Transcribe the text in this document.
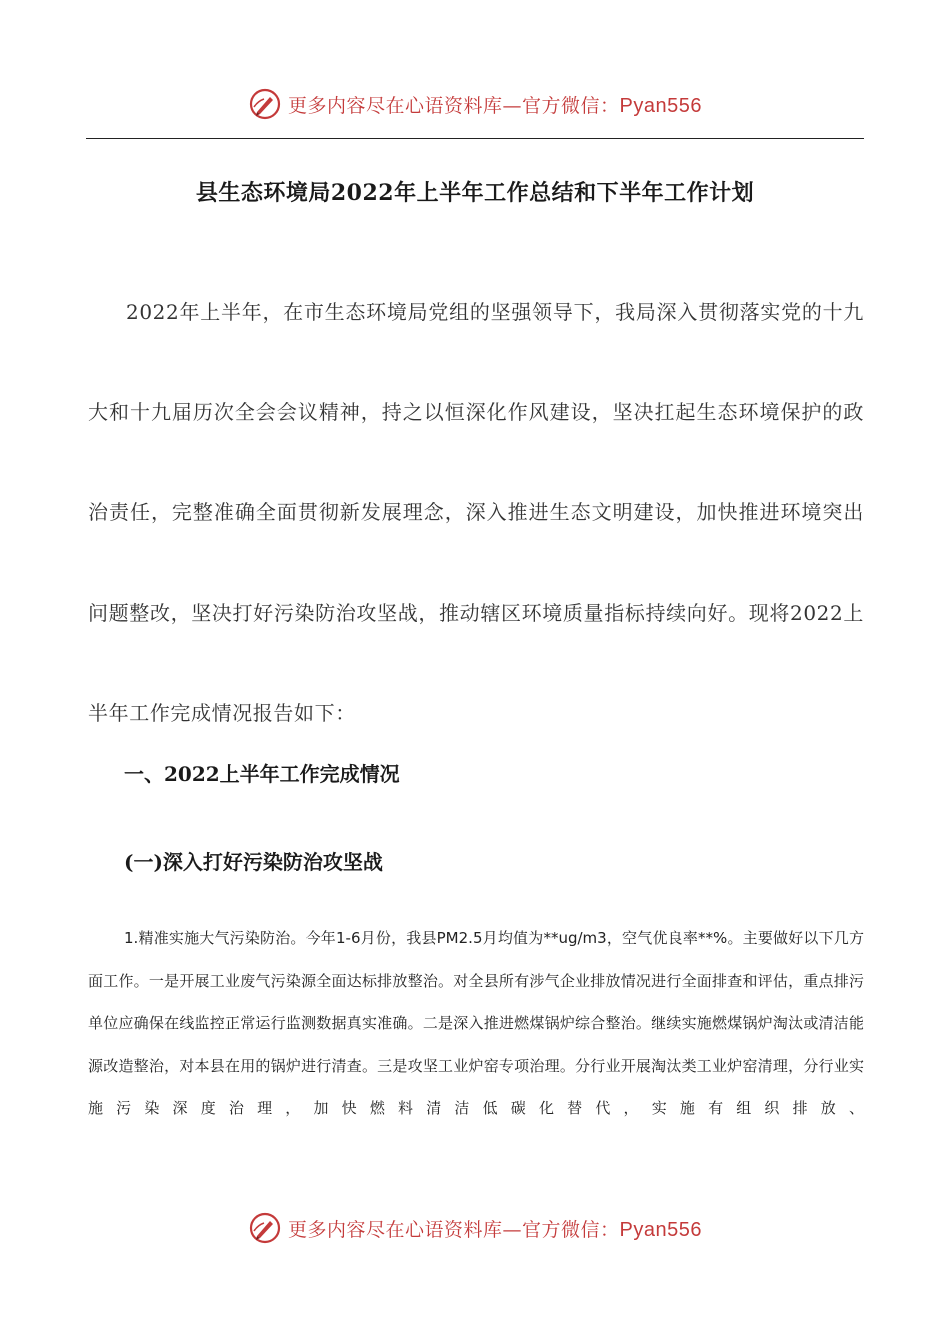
更多内容尽在心语资料库—官方微信：Pyan556
县生态环境局2022年上半年工作总结和下半年工作计划

2022年上半年，在市生态环境局党组的坚强领导下，我局深入贯彻落实党的十九大和十九届历次全会会议精神，持之以恒深化作风建设，坚决扛起生态环境保护的政治责任，完整准确全面贯彻新发展理念，深入推进生态文明建设，加快推进环境突出问题整改，坚决打好污染防治攻坚战，推动辖区环境质量指标持续向好。现将2022上半年工作完成情况报告如下：

一、2022上半年工作完成情况
(一)深入打好污染防治攻坚战

1.精准实施大气污染防治。今年1-6月份，我县PM2.5月均值为**ug/m3，空气优良率**%。主要做好以下几方面工作。一是开展工业废气污染源全面达标排放整治。对全县所有涉气企业排放情况进行全面排查和评估，重点排污单位应确保在线监控正常运行监测数据真实准确。二是深入推进燃煤锅炉综合整治。继续实施燃煤锅炉淘汰或清洁能源改造整治，对本县在用的锅炉进行清查。三是攻坚工业炉窑专项治理。分行业开展淘汰类工业炉窑清理，分行业实施污染深度治理，加快燃料清洁低碳化替代，实施有组织排放、

更多内容尽在心语资料库—官方微信：Pyan556
